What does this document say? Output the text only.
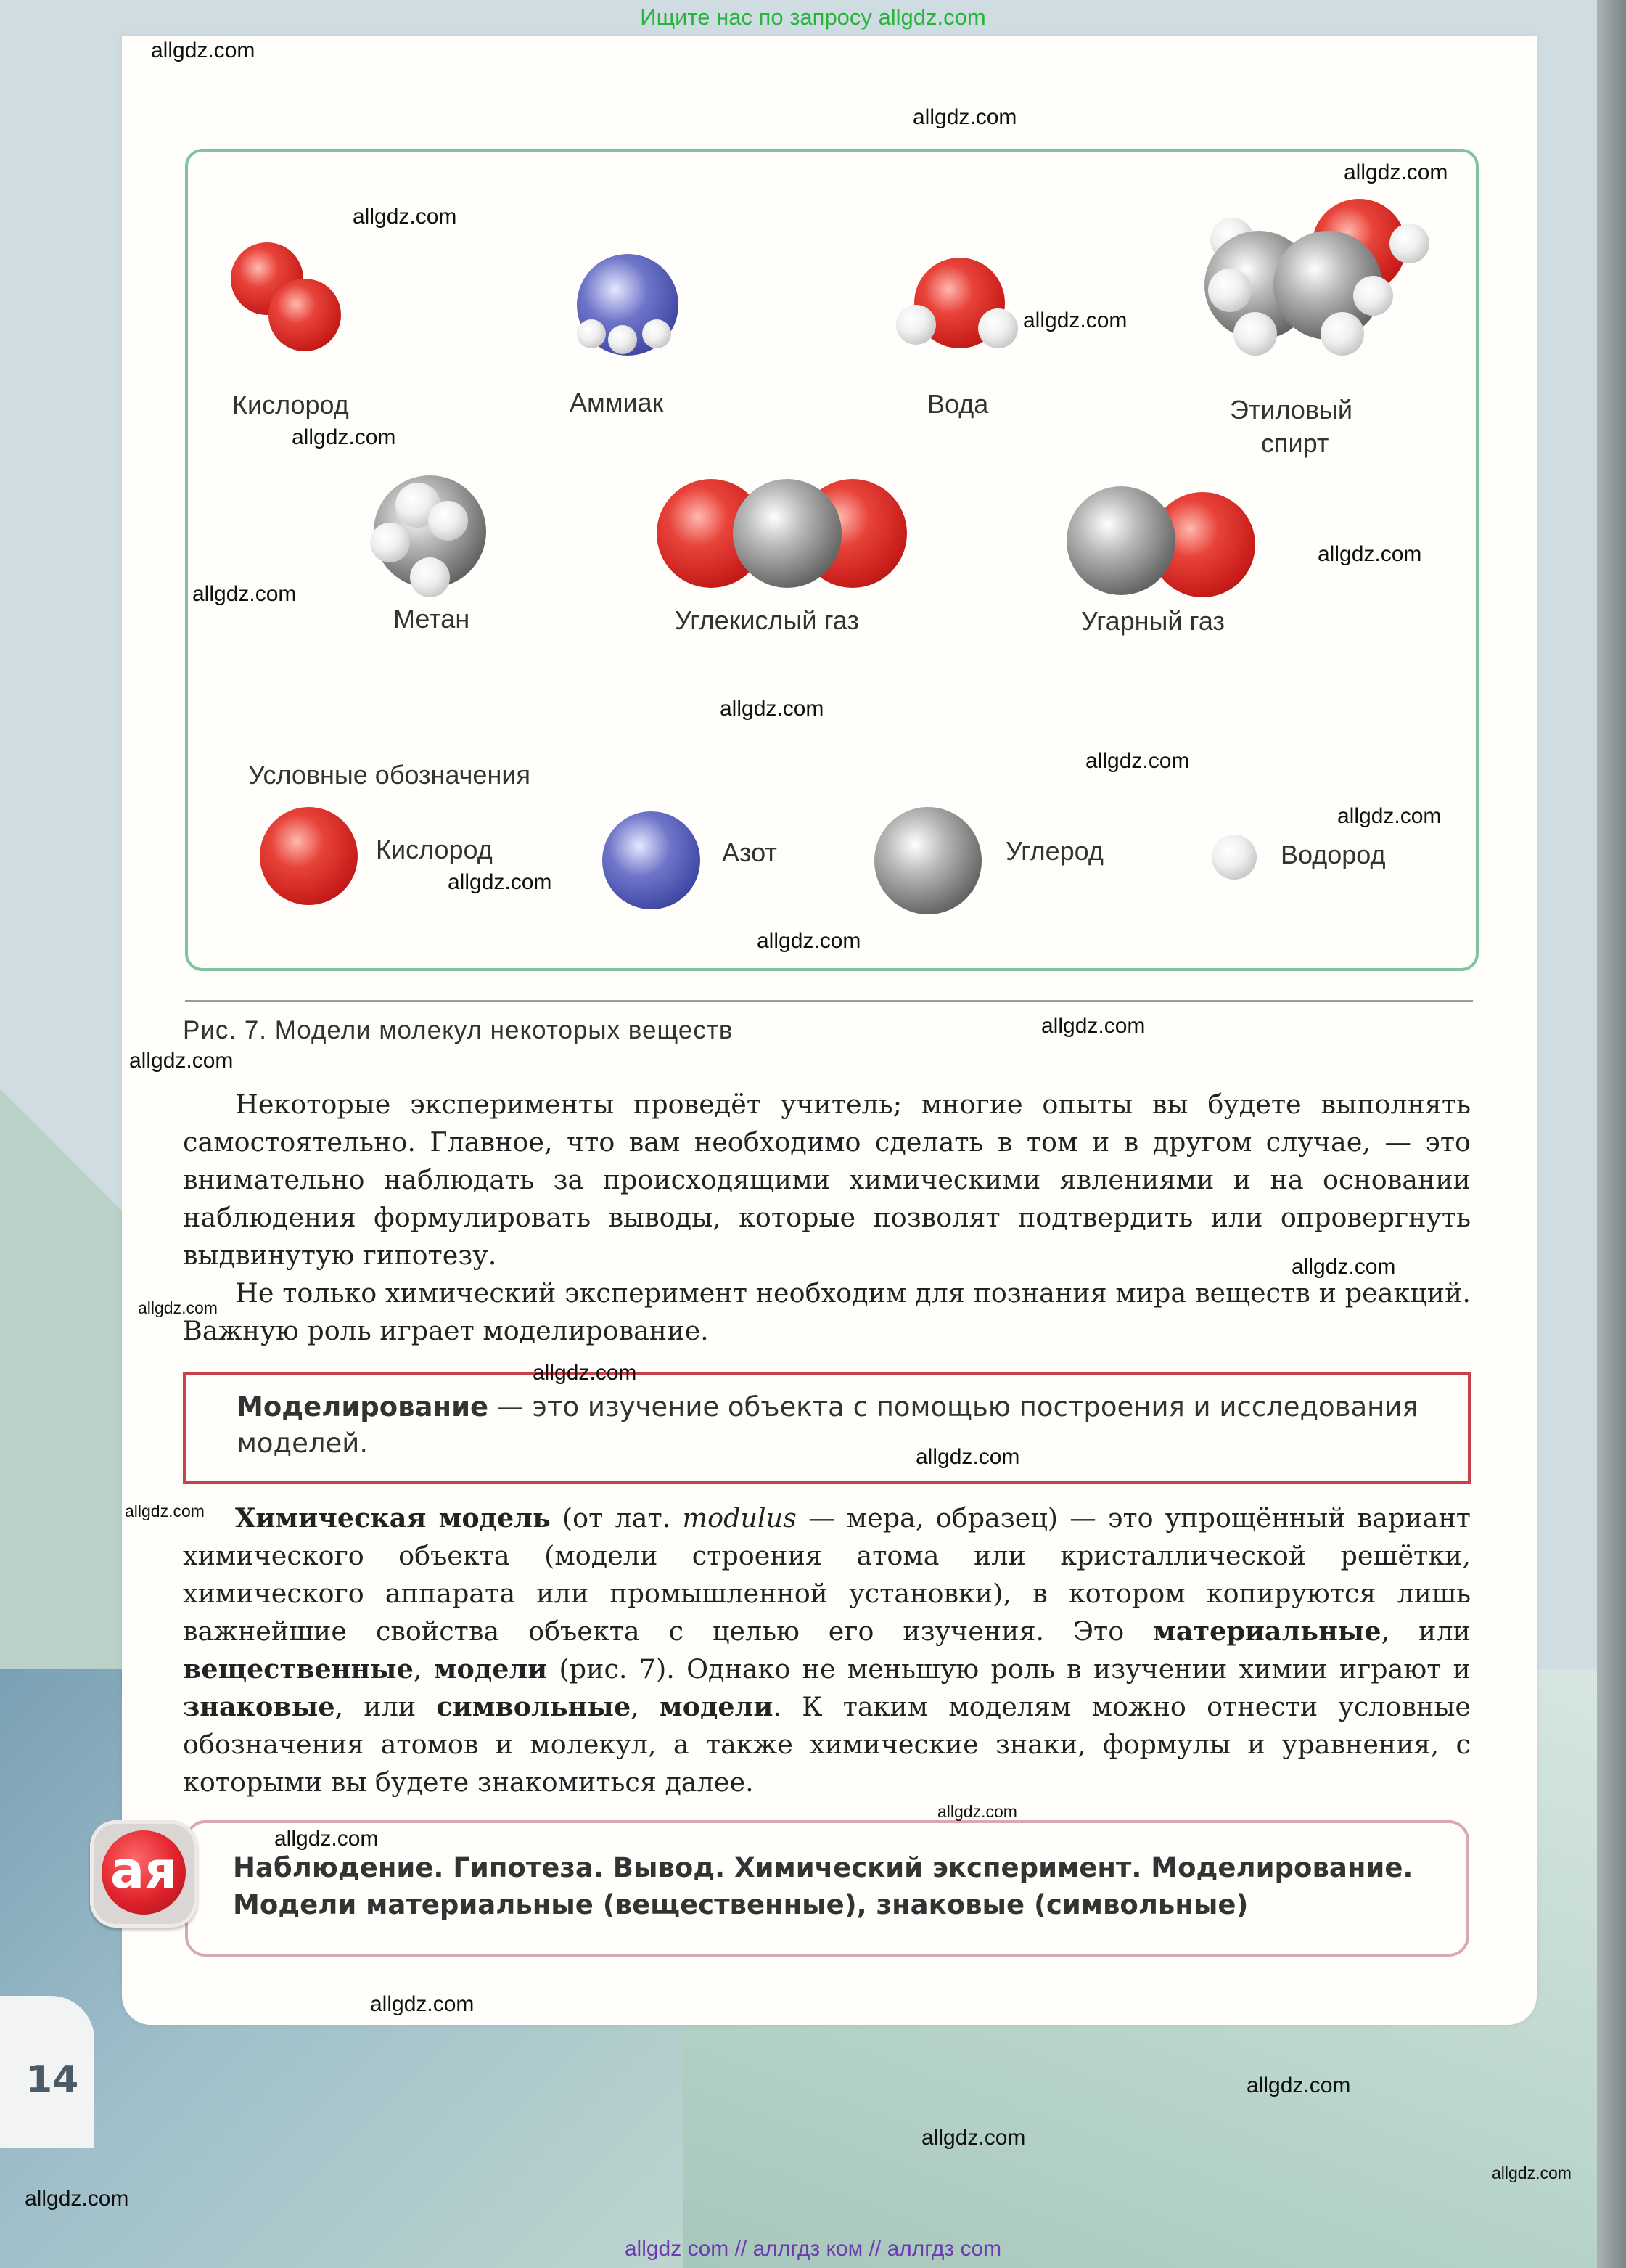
Ищите нас по запросу allgdz.com
Кислород	Аммиак	Вода	Этиловый
спирт
Метан	Углекислый газ	Угарный газ
Условные обозначения
Кислород	Азот	Углерод	Водород
Рис. 7. Модели молекул некоторых веществ
Некоторые эксперименты проведёт учитель; многие опыты вы будете выполнять самостоятельно. Главное, что вам необходимо сделать в том и в другом случае, — это внимательно наблюдать за происходящими химическими явлениями и на основании наблюдения формулировать выводы, которые позволят подтвердить или опровергнуть выдвинутую гипотезу.
Не только химический эксперимент необходим для познания мира веществ и реакций. Важную роль играет моделирование.
Моделирование — это изучение объекта с помощью построения и исследования моделей.
Химическая модель (от лат. modulus — мера, образец) — это упрощённый вариант химического объекта (модели строения атома или кристаллической решётки, химического аппарата или промышленной установки), в котором копируются лишь важнейшие свойства объекта с целью его изучения. Это материальные, или вещественные, модели (рис. 7). Однако не меньшую роль в изучении химии играют и знаковые, или символьные, модели. К таким моделям можно отнести условные обозначения атомов и молекул, а также химические знаки, формулы и уравнения, с которыми вы будете знакомиться далее.
Наблюдение. Гипотеза. Вывод. Химический эксперимент. Моделирование. Модели материальные (вещественные), знаковые (символьные)
ая
14
allgdz.com
allgdz.com
allgdz.com
allgdz.com
allgdz.com
allgdz.com
allgdz.com
allgdz.com
allgdz.com
allgdz.com
allgdz.com
allgdz.com
allgdz.com
allgdz.com
allgdz.com
allgdz.com
allgdz.com
allgdz.com
allgdz.com
allgdz.com
allgdz.com
allgdz.com
allgdz.com
allgdz.com
allgdz.com
allgdz.com
allgdz.com
allgdz com // аллгдз ком // аллгдз com
